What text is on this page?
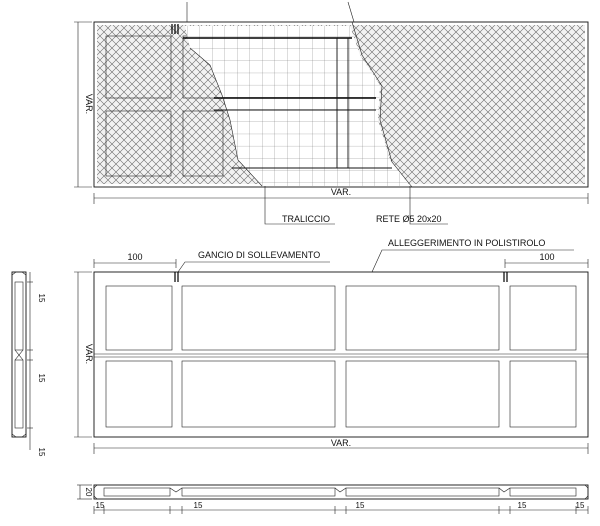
VAR.
VAR.
TRALICCIO	RETE Ø5 20x20
100	100
GANCIO DI SOLLEVAMENTO
ALLEGGERIMENTO IN POLISTIROLO
VAR.
VAR.
15
15
15
20
15	15	15	15	15
